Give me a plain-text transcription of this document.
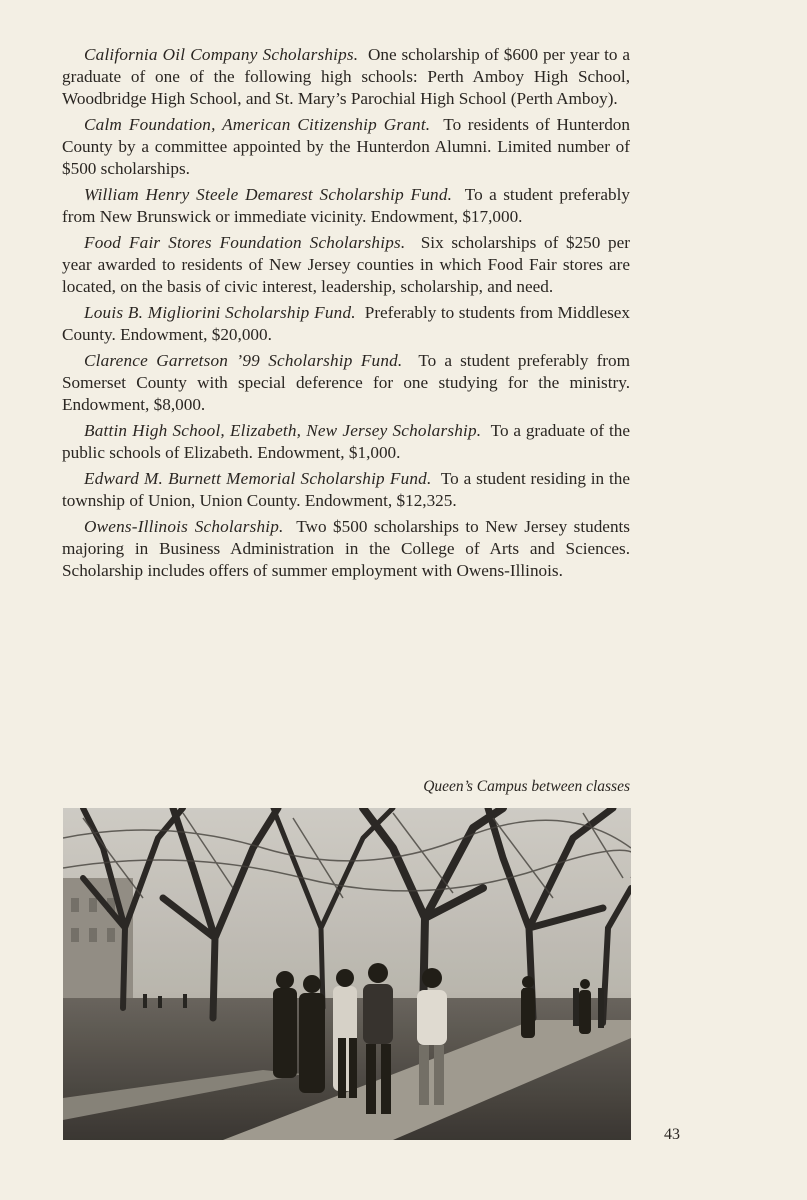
California Oil Company Scholarships. One scholarship of $600 per year to a graduate of one of the following high schools: Perth Amboy High School, Woodbridge High School, and St. Mary’s Parochial High School (Perth Amboy).

Calm Foundation, American Citizenship Grant. To residents of Hunterdon County by a committee appointed by the Hunterdon Alumni. Limited number of $500 scholarships.

William Henry Steele Demarest Scholarship Fund. To a student preferably from New Brunswick or immediate vicinity. Endowment, $17,000.

Food Fair Stores Foundation Scholarships. Six scholarships of $250 per year awarded to residents of New Jersey counties in which Food Fair stores are located, on the basis of civic interest, leadership, scholarship, and need.

Louis B. Migliorini Scholarship Fund. Preferably to students from Middlesex County. Endowment, $20,000.

Clarence Garretson ’99 Scholarship Fund. To a student preferably from Somerset County with special deference for one studying for the ministry. Endowment, $8,000.

Battin High School, Elizabeth, New Jersey Scholarship. To a graduate of the public schools of Elizabeth. Endowment, $1,000.

Edward M. Burnett Memorial Scholarship Fund. To a student residing in the township of Union, Union County. Endowment, $12,325.

Owens-Illinois Scholarship. Two $500 scholarships to New Jersey students majoring in Business Administration in the College of Arts and Sciences. Scholarship includes offers of summer employment with Owens-Illinois.

Queen’s Campus between classes
43
